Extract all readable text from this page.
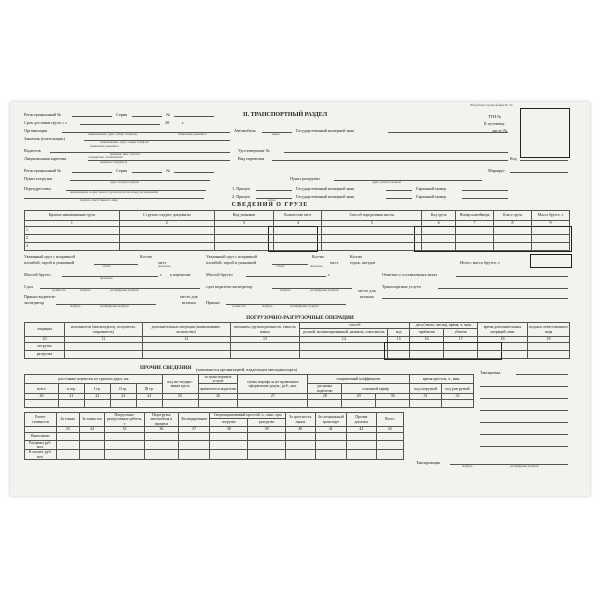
Оборотная сторона формы № 1-Т
II. ТРАНСПОРТНЫЙ РАЗДЕЛ	ТТН №
К путевому
листу №
Регистрационный №	Серия	№
Срок доставки груза « »	20	г.
Организация
наименование, адрес, номер телефона,	банковские реквизиты
Автомобиль
марка
Государственный номерной знак
Заказчик (плательщик)
наименование, адрес, номер телефона
Водитель
банковские реквизиты
фамилия, имя, отчество
Удостоверение №
Лицензионная карточка	стандартная, ограниченная
ненужное зачеркнуть
Вид перевозки	Код
Регистрационный №	Серия	№	Маршрут
Пункт погрузки
адрес, номер телефона
Пункт разгрузки
адрес, номер телефона
Переадресовка
наименование и адрес нового грузополучателя, номер распоряжения
1. Прицеп	Государственный номерной знак	Гаражный номер
подпись ответственного лица
2. Прицеп
марка
Государственный номерной знак	Гаражный номер
СВЕДЕНИЯ О ГРУЗЕ
Краткое наименование груза	С грузом следуют документы	Вид упаковки	Количество мест	Способ определения массы	Код груза	Номер контейнера	Класс груза	Масса брутто, т
1	2	3	4	5	6	7	8	9
1.								
2.								
3.								
Итого: масса брутто, т
Указанный груз с исправной
пломбой, тарой и упаковкой
оттиск
Кол-во
мест
прописью
Массой брутто	т
прописью
к перевозке
Сдал
должность	подпись	расшифровка подписи
Принял водитель-
экспедитор
подпись	расшифровка подписи
место для
штампа
Указанный груз с исправной
пломбой, тарой и упаковкой
оттиск
Кол-во
мест
прописью
Кол-во
ездок, заездов
Массой брутто	т
сдал водитель-экспедитор
подпись	расшифровка подписи
Принял
должность	подпись	расшифровка подписи
место для
штампа
Отметки о составленных актах
Транспортные услуги
ПОГРУЗОЧНО-РАЗГРУЗОЧНЫЕ ОПЕРАЦИИ
операция	исполнитель (автовладелец, получатель, отправитель)	дополнительные операции (наименование, количество)	механизм, грузоподъемность, емкость ковша	способ		дата (число, месяц), время, ч, мин.		время дополнительных операций, мин.	подпись ответственного лица
				ручной, механизированный, наливом, самосвалом	код	прибытия	убытия		
10	11	12	13	14	15	16	17	18	19
погрузка									
разгрузка									
ПРОЧИЕ СВЕДЕНИЯ (заполняется организацией, владельцем автотранспорта)
расстояние перевозок по группам дорог, км					код экс-педиро-вания груза	за транспортные услуги	сумма штрафа за не-правильное оформление докум., руб., коп.	поправочный коэффициент			время простоя, ч., мин.	
всего	в гор.	I гр.	II гр.	III гр.		причитается водителю		расценка водителю	основной тариф		под погрузкой	под разгрузкой
20	21	22	23	24	25	26	27	28	29	30	31	32

Таксировка
Расчет стоимости	За тонны	За тонно-км	Погрузочно-разгрузочные работы, т	Недогрузка автомобиля и прицепа	Экспедирование	Сверхнормативный простой, ч., мин., при		За сроч-ность заказа	За специальный транспорт	Прочие доплаты	Всего
						погрузке	разгрузке				
	33	34	35	36	37	38	39	40	41	42	43
Выполнено											
Расценка руб. коп.											
К оплате, руб. коп.											
Таксировщик
подпись	расшифровка подписи
